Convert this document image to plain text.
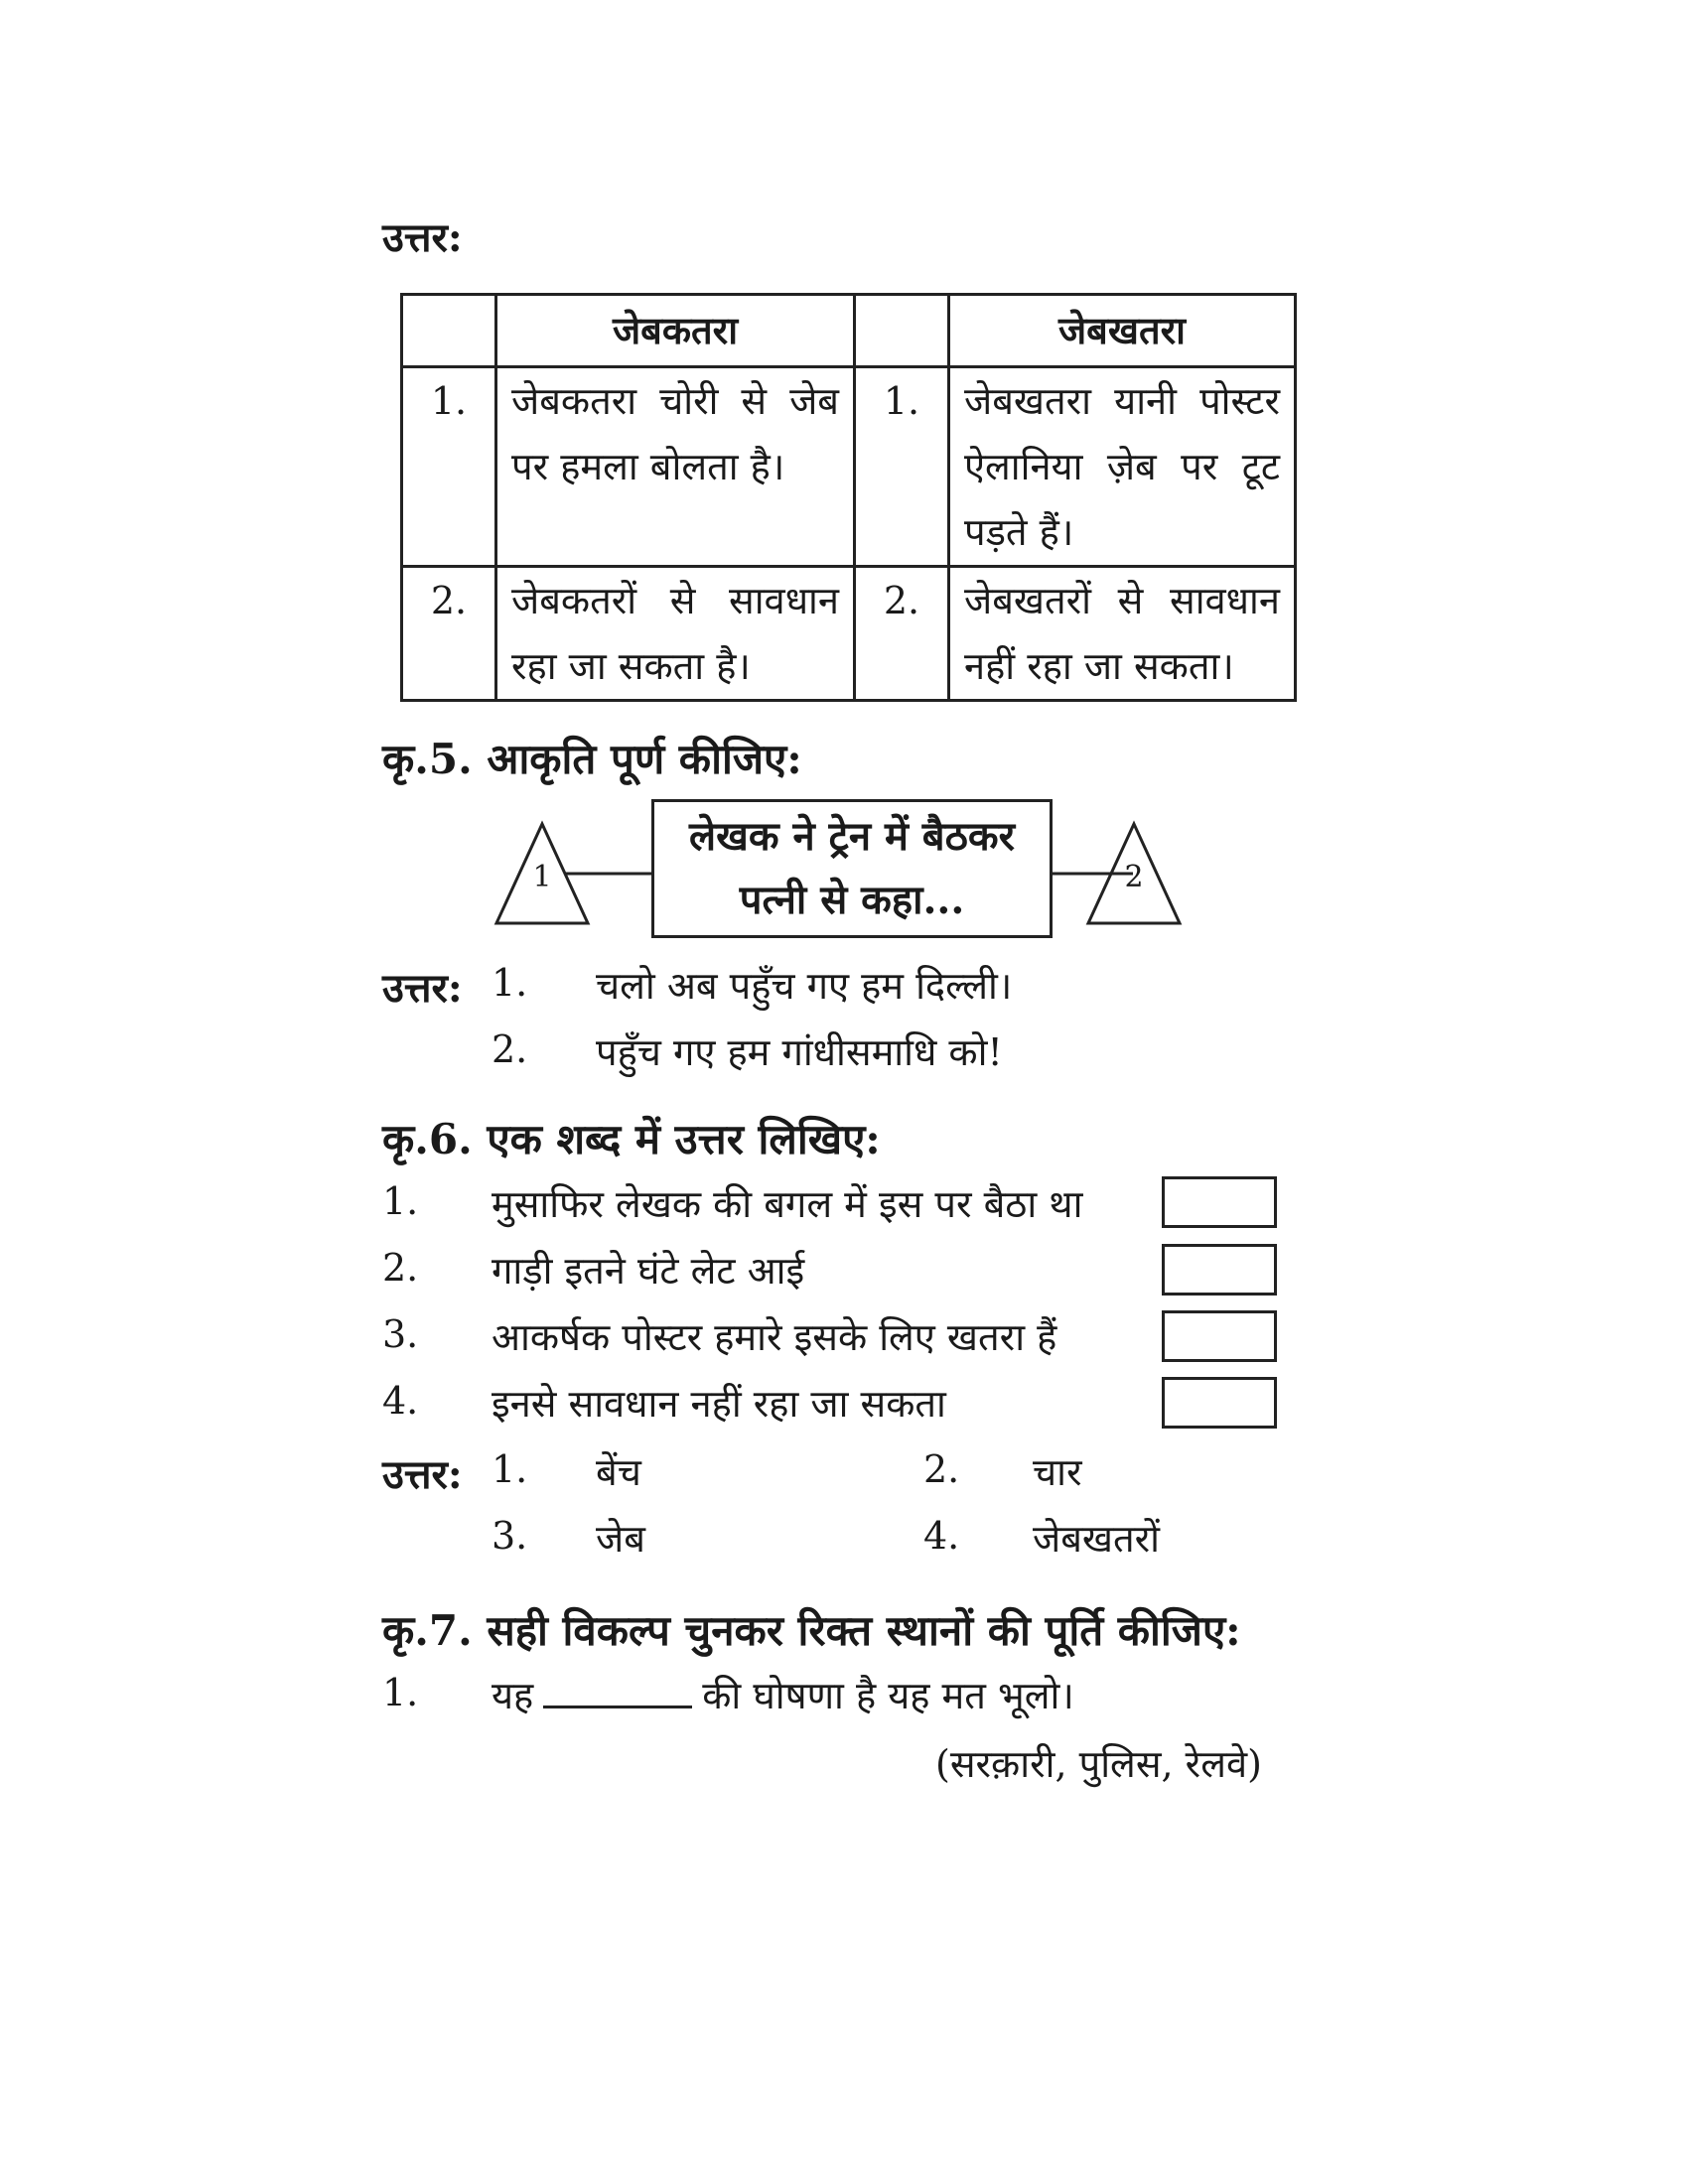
उत्तर:
	जेबकतरा		जेबखतरा
1.	जेबकतरा चोरी से जेब पर हमला बोलता है।	1.	जेबखतरा यानी पोस्टर ऐलानिया ज़ेब पर टूट पड़ते हैं।
2.	जेबकतरों से सावधान रहा जा सकता है।	2.	जेबखतरों से सावधान नहीं रहा जा सकता।
कृ.5. आकृति पूर्ण कीजिए:
1	2
लेखक ने ट्रेन में बैठकर
पत्नी से कहा...
उत्तर: 1. चलो अब पहुँच गए हम दिल्ली।
2. पहुँच गए हम गांधीसमाधि को!
कृ.6. एक शब्द में उत्तर लिखिए:
1. मुसाफिर लेखक की बगल में इस पर बैठा था
2. गाड़ी इतने घंटे लेट आई
3. आकर्षक पोस्टर हमारे इसके लिए खतरा हैं
4. इनसे सावधान नहीं रहा जा सकता
उत्तर: 1. बेंच	2. चार
3. जेब	4. जेबखतरों
कृ.7. सही विकल्प चुनकर रिक्त स्थानों की पूर्ति कीजिए:
1. यह	की घोषणा है यह मत भूलो।
(सरक़ारी, पुलिस, रेलवे)
